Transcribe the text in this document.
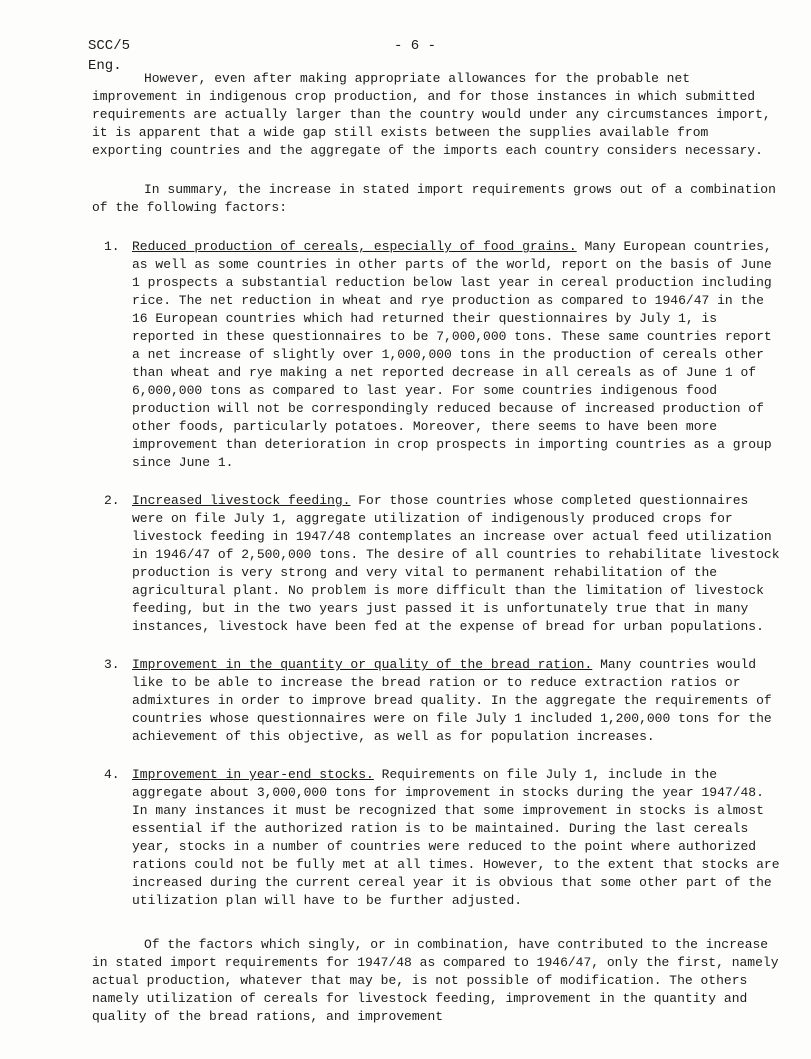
SCC/5
Eng.
- 6 -

However, even after making appropriate allowances for the probable net improvement in indigenous crop production, and for those instances in which submitted requirements are actually larger than the country would under any circumstances import, it is apparent that a wide gap still exists between the supplies available from exporting countries and the aggregate of the imports each country considers necessary.

In summary, the increase in stated import requirements grows out of a combination of the following factors:

1. Reduced production of cereals, especially of food grains. Many European countries, as well as some countries in other parts of the world, report on the basis of June 1 prospects a substantial reduction below last year in cereal production including rice. The net reduction in wheat and rye production as compared to 1946/47 in the 16 European countries which had returned their questionnaires by July 1, is reported in these questionnaires to be 7,000,000 tons. These same countries report a net increase of slightly over 1,000,000 tons in the production of cereals other than wheat and rye making a net reported decrease in all cereals as of June 1 of 6,000,000 tons as compared to last year. For some countries indigenous food production will not be correspondingly reduced because of increased production of other foods, particularly potatoes. Moreover, there seems to have been more improvement than deterioration in crop prospects in importing countries as a group since June 1.
2. Increased livestock feeding. For those countries whose completed questionnaires were on file July 1, aggregate utilization of indigenously produced crops for livestock feeding in 1947/48 contemplates an increase over actual feed utilization in 1946/47 of 2,500,000 tons. The desire of all countries to rehabilitate livestock production is very strong and very vital to permanent rehabilitation of the agricultural plant. No problem is more difficult than the limitation of livestock feeding, but in the two years just passed it is unfortunately true that in many instances, livestock have been fed at the expense of bread for urban populations.
3. Improvement in the quantity or quality of the bread ration. Many countries would like to be able to increase the bread ration or to reduce extraction ratios or admixtures in order to improve bread quality. In the aggregate the requirements of countries whose questionnaires were on file July 1 included 1,200,000 tons for the achievement of this objective, as well as for population increases.
4. Improvement in year-end stocks. Requirements on file July 1, include in the aggregate about 3,000,000 tons for improvement in stocks during the year 1947/48. In many instances it must be recognized that some improvement in stocks is almost essential if the authorized ration is to be maintained. During the last cereals year, stocks in a number of countries were reduced to the point where authorized rations could not be fully met at all times. However, to the extent that stocks are increased during the current cereal year it is obvious that some other part of the utilization plan will have to be further adjusted.

Of the factors which singly, or in combination, have contributed to the increase in stated import requirements for 1947/48 as compared to 1946/47, only the first, namely actual production, whatever that may be, is not possible of modification. The others namely utilization of cereals for livestock feeding, improvement in the quantity and quality of the bread rations, and improvement
